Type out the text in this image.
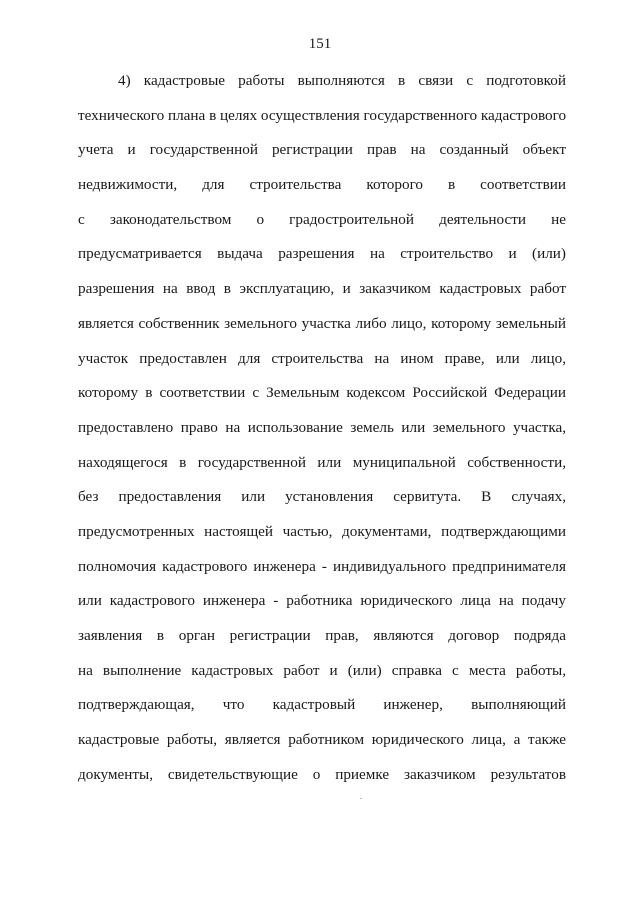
151
4) кадастровые работы выполняются в связи с подготовкой
технического плана в целях осуществления государственного кадастрового
учета и государственной регистрации прав на созданный объект
недвижимости, для строительства которого в соответствии
с законодательством о градостроительной деятельности не
предусматривается выдача разрешения на строительство и (или)
разрешения на ввод в эксплуатацию, и заказчиком кадастровых работ
является собственник земельного участка либо лицо, которому земельный
участок предоставлен для строительства на ином праве, или лицо,
которому в соответствии с Земельным кодексом Российской Федерации
предоставлено право на использование земель или земельного участка,
находящегося в государственной или муниципальной собственности,
без предоставления или установления сервитута. В случаях,
предусмотренных настоящей частью, документами, подтверждающими
полномочия кадастрового инженера - индивидуального предпринимателя
или кадастрового инженера - работника юридического лица на подачу
заявления в орган регистрации прав, являются договор подряда
на выполнение кадастровых работ и (или) справка с места работы,
подтверждающая, что кадастровый инженер, выполняющий
кадастровые работы, является работником юридического лица, а также
документы, свидетельствующие о приемке заказчиком результатов
